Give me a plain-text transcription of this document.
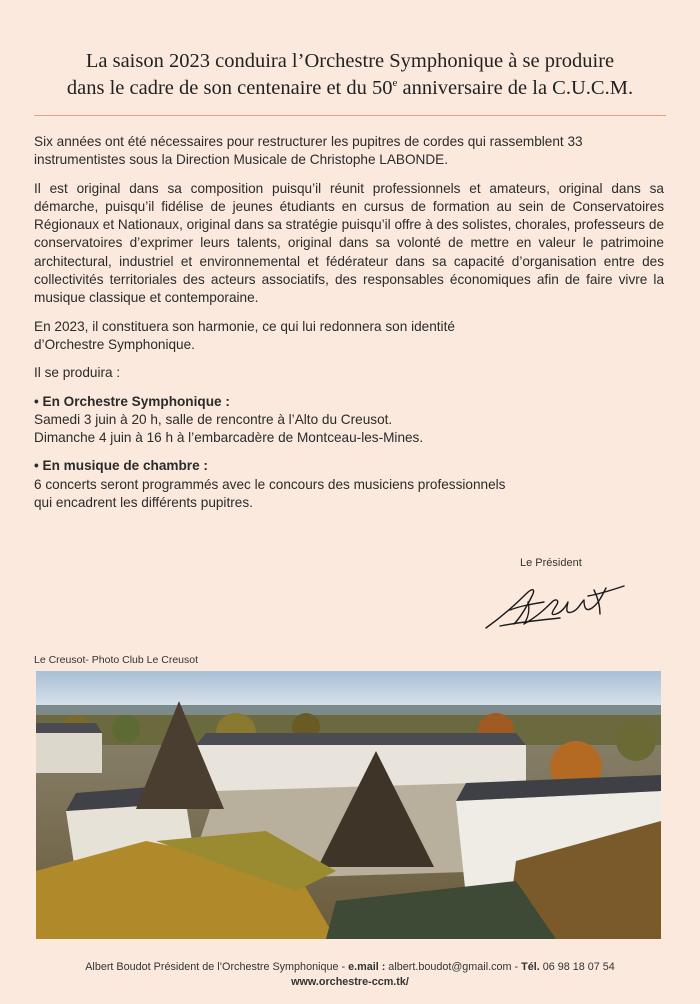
La saison 2023 conduira l’Orchestre Symphonique à se produire
dans le cadre de son centenaire et du 50e anniversaire de la C.U.C.M.

Six années ont été nécessaires pour restructurer les pupitres de cordes qui rassemblent 33 instrumentistes sous la Direction Musicale de Christophe LABONDE.

Il est original dans sa composition puisqu’il réunit professionnels et amateurs, original dans sa démarche, puisqu’il fidélise de jeunes étudiants en cursus de formation au sein de Conservatoires Régionaux et Nationaux, original dans sa stratégie puisqu’il offre à des solistes, chorales, professeurs de conservatoires d’exprimer leurs talents, original dans sa volonté de mettre en valeur le patrimoine architectural, industriel et environnemental et fédérateur dans sa capacité d’organisation entre des collectivités territoriales des acteurs associatifs, des responsables économiques afin de faire vivre la musique classique et contemporaine.

En 2023, il constituera son harmonie, ce qui lui redonnera son identité
d’Orchestre Symphonique.

Il se produira :

• En Orchestre Symphonique :
Samedi 3 juin à 20 h, salle de rencontre à l’Alto du Creusot.
Dimanche 4 juin à 16 h à l’embarcadère de Montceau-les-Mines.
• En musique de chambre :
6 concerts seront programmés avec le concours des musiciens professionnels
qui encadrent les différents pupitres.
Le Président
Le Creusot- Photo Club Le Creusot
Albert Boudot Président de l’Orchestre Symphonique - e.mail : albert.boudot@gmail.com - Tél. 06 98 18 07 54
www.orchestre-ccm.tk/
